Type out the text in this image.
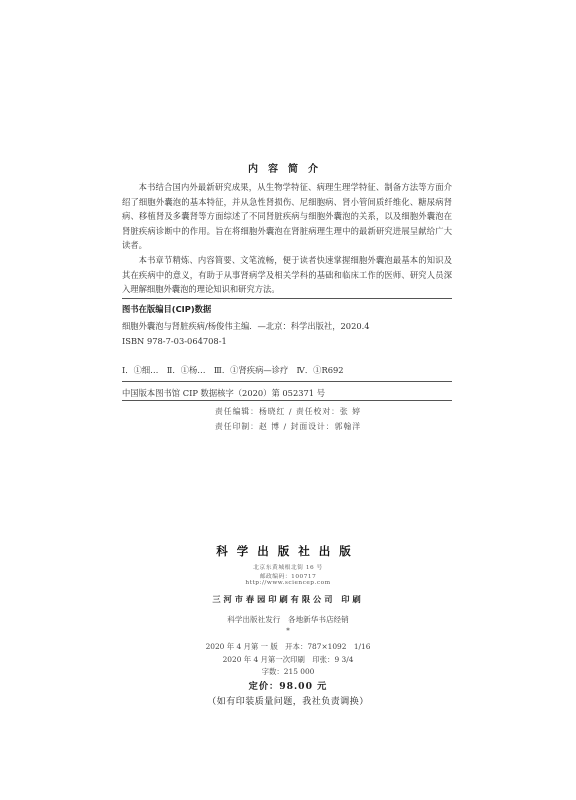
内容简介

本书结合国内外最新研究成果，从生物学特征、病理生理学特征、制备方法等方面介绍了细胞外囊泡的基本特征，并从急性肾损伤、尼细胞病、肾小管间质纤维化、糖尿病肾病、移植肾及多囊肾等方面综述了不同肾脏疾病与细胞外囊泡的关系，以及细胞外囊泡在肾脏疾病诊断中的作用。旨在将细胞外囊泡在肾脏病理生理中的最新研究进展呈献给广大读者。

本书章节精炼、内容简要、文笔流畅，便于读者快速掌握细胞外囊泡最基本的知识及其在疾病中的意义，有助于从事肾病学及相关学科的基础和临床工作的医师、研究人员深入理解细胞外囊泡的理论知识和研究方法。

图书在版编目(CIP)数据
细胞外囊泡与肾脏疾病/杨俊伟主编．—北京：科学出版社，2020.4
ISBN 978-7-03-064708-1
Ⅰ．①细…　Ⅱ．①杨…　Ⅲ．①肾疾病—诊疗　Ⅳ．①R692
中国版本图书馆 CIP 数据核字（2020）第 052371 号
责任编辑：杨晓红 / 责任校对：张 婷
责任印制：赵 博 / 封面设计：郭翰洋
科学出版社出版
北京东黄城根北街 16 号
邮政编码：100717
http://www.sciencep.com
三河市春园印刷有限公司 印刷
科学出版社发行　各地新华书店经销
*
2020 年 4 月第 一 版　开本：787×1092　1/16
2020 年 4 月第一次印刷　印张：9 3/4
字数：215 000
定价：98.00 元
（如有印装质量问题，我社负责调换）
